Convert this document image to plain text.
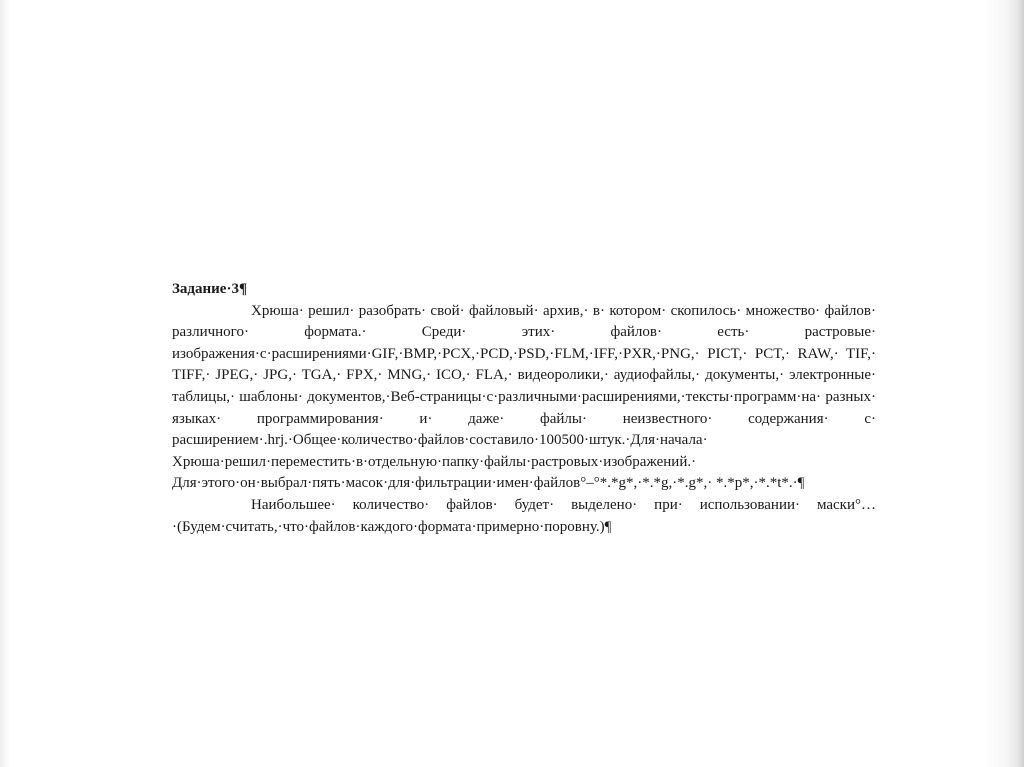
Задание·3¶

Хрюша· решил· разобрать· свой· файловый· архив,· в· котором· скопилось· множество· файлов· различного· формата.· Среди· этих· файлов· есть· растровые· изображения·с·расширениями·GIF,·BMP,·PCX,·PCD,·PSD,·FLM,·IFF,·PXR,·PNG,· PICT,· PCT,· RAW,· TIF,· TIFF,· JPEG,· JPG,· TGA,· FPX,· MNG,· ICO,· FLA,· видеоролики,· аудиофайлы,· документы,· электронные· таблицы,· шаблоны· документов,·Веб-страницы·с·различными·расширениями,·тексты·программ·на· разных· языках· программирования· и· даже· файлы· неизвестного· содержания· с· расширением·.hrj.·Общее·количество·файлов·составило·100500·штук.·Для·начала· Хрюша·решил·переместить·в·отдельную·папку·файлы·растровых·изображений.· Для·этого·он·выбрал·пять·масок·для·фильтрации·имен·файлов°–°*.*g*,·*.*g,·*.g*,· *.*p*,·*.*t*.·¶

Наибольшее· количество· файлов· будет· выделено· при· использовании· маски°…·(Будем·считать,·что·файлов·каждого·формата·примерно·поровну.)¶
